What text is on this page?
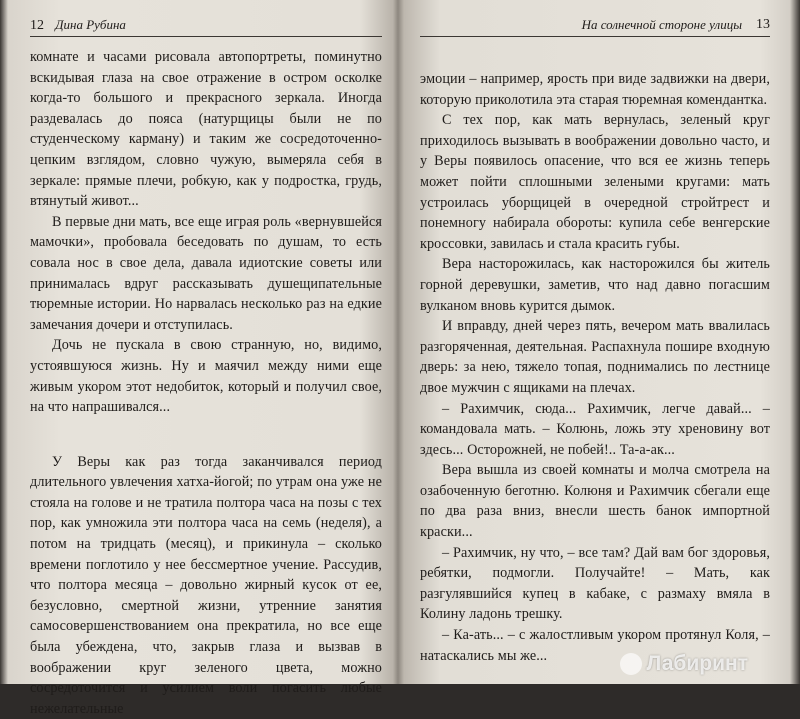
12 Дина Рубина

комнате и часами рисовала автопортреты, поминутно вскидывая глаза на свое отражение в остром осколке когда-то большого и прекрасного зеркала. Иногда раздевалась до пояса (натурщицы были не по студенческому карману) и таким же сосредоточенно-цепким взглядом, словно чужую, вымеряла себя в зеркале: прямые плечи, робкую, как у подростка, грудь, втянутый живот...

В первые дни мать, все еще играя роль «вернувшейся мамочки», пробовала беседовать по душам, то есть совала нос в свое дела, давала идиотские советы или принималась вдруг рассказывать душещипательные тюремные истории. Но нарвалась несколько раз на едкие замечания дочери и отступилась.

Дочь не пускала в свою странную, но, видимо, устоявшуюся жизнь. Ну и маячил между ними еще живым укором этот недобиток, который и получил свое, на что напрашивался...

У Веры как раз тогда заканчивался период длительного увлечения хатха-йогой; по утрам она уже не стояла на голове и не тратила полтора часа на позы с тех пор, как умножила эти полтора часа на семь (неделя), а потом на тридцать (месяц), и прикинула – сколько времени поглотило у нее бессмертное учение. Рассудив, что полтора месяца – довольно жирный кусок от ее, безусловно, смертной жизни, утренние занятия самосовершенствованием она прекратила, но все еще была убеждена, что, закрыв глаза и вызвав в воображении круг зеленого цвета, можно сосредоточится и усилием воли погасить любые нежелательные

На солнечной стороне улицы 13

эмоции – например, ярость при виде задвижки на двери, которую приколотила эта старая тюремная комендантка.

С тех пор, как мать вернулась, зеленый круг приходилось вызывать в воображении довольно часто, и у Веры появилось опасение, что вся ее жизнь теперь может пойти сплошными зелеными кругами: мать устроилась уборщицей в очередной стройтрест и понемногу набирала обороты: купила себе венгерские кроссовки, завилась и стала красить губы.

Вера насторожилась, как насторожился бы житель горной деревушки, заметив, что над давно погасшим вулканом вновь курится дымок.

И вправду, дней через пять, вечером мать ввалилась разгоряченная, деятельная. Распахнула пошире входную дверь: за нею, тяжело топая, поднимались по лестнице двое мужчин с ящиками на плечах.

– Рахимчик, сюда... Рахимчик, легче давай... – командовала мать. – Колюнь, ложь эту хреновину вот здесь... Осторожней, не побей!.. Та-а-ак...

Вера вышла из своей комнаты и молча смотрела на озабоченную беготню. Колюня и Рахимчик сбегали еще по два раза вниз, внесли шесть банок импортной краски...

– Рахимчик, ну что, – все там? Дай вам бог здоровья, ребятки, подмогли. Получайте! – Мать, как разгулявшийся купец в кабаке, с размаху вмяла в Колину ладонь трешку.

– Ка-ать... – с жалостливым укором протянул Коля, – натаскались мы же...	Лабиринт
